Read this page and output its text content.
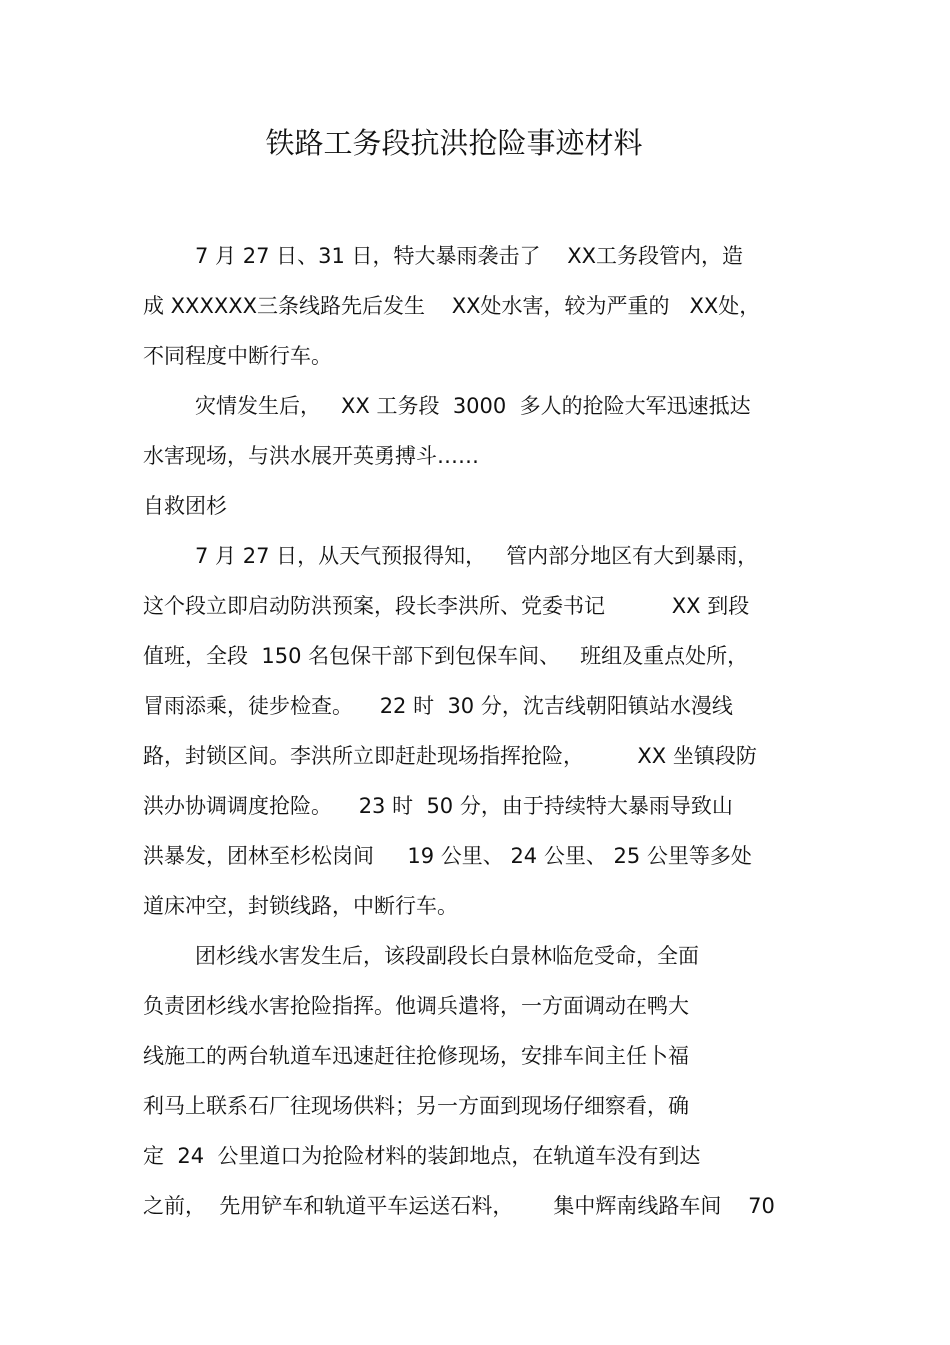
铁路工务段抗洪抢险事迹材料
7 月 27 日、31 日，特大暴雨袭击了    XX工务段管内，造
成 XXXXXX三条线路先后发生    XX处水害，较为严重的   XX处，
不同程度中断行车。
灾情发生后，   XX 工务段  3000  多人的抢险大军迅速抵达
水害现场，与洪水展开英勇搏斗……
自救团杉
7 月 27 日，从天气预报得知，   管内部分地区有大到暴雨，
这个段立即启动防洪预案，段长李洪所、党委书记          XX 到段
值班，全段  150 名包保干部下到包保车间、   班组及重点处所，
冒雨添乘，徒步检查。    22 时  30 分，沈吉线朝阳镇站水漫线
路，封锁区间。李洪所立即赶赴现场指挥抢险，        XX 坐镇段防
洪办协调调度抢险。    23 时  50 分，由于持续特大暴雨导致山
洪暴发，团林至杉松岗间     19 公里、 24 公里、 25 公里等多处
道床冲空，封锁线路，中断行车。
团杉线水害发生后，该段副段长白景林临危受命，全面
负责团杉线水害抢险指挥。他调兵遣将，一方面调动在鸭大
线施工的两台轨道车迅速赶往抢修现场，安排车间主任卜福
利马上联系石厂往现场供料；另一方面到现场仔细察看，确
定  24  公里道口为抢险材料的装卸地点，在轨道车没有到达
之前，  先用铲车和轨道平车运送石料，      集中辉南线路车间    70
